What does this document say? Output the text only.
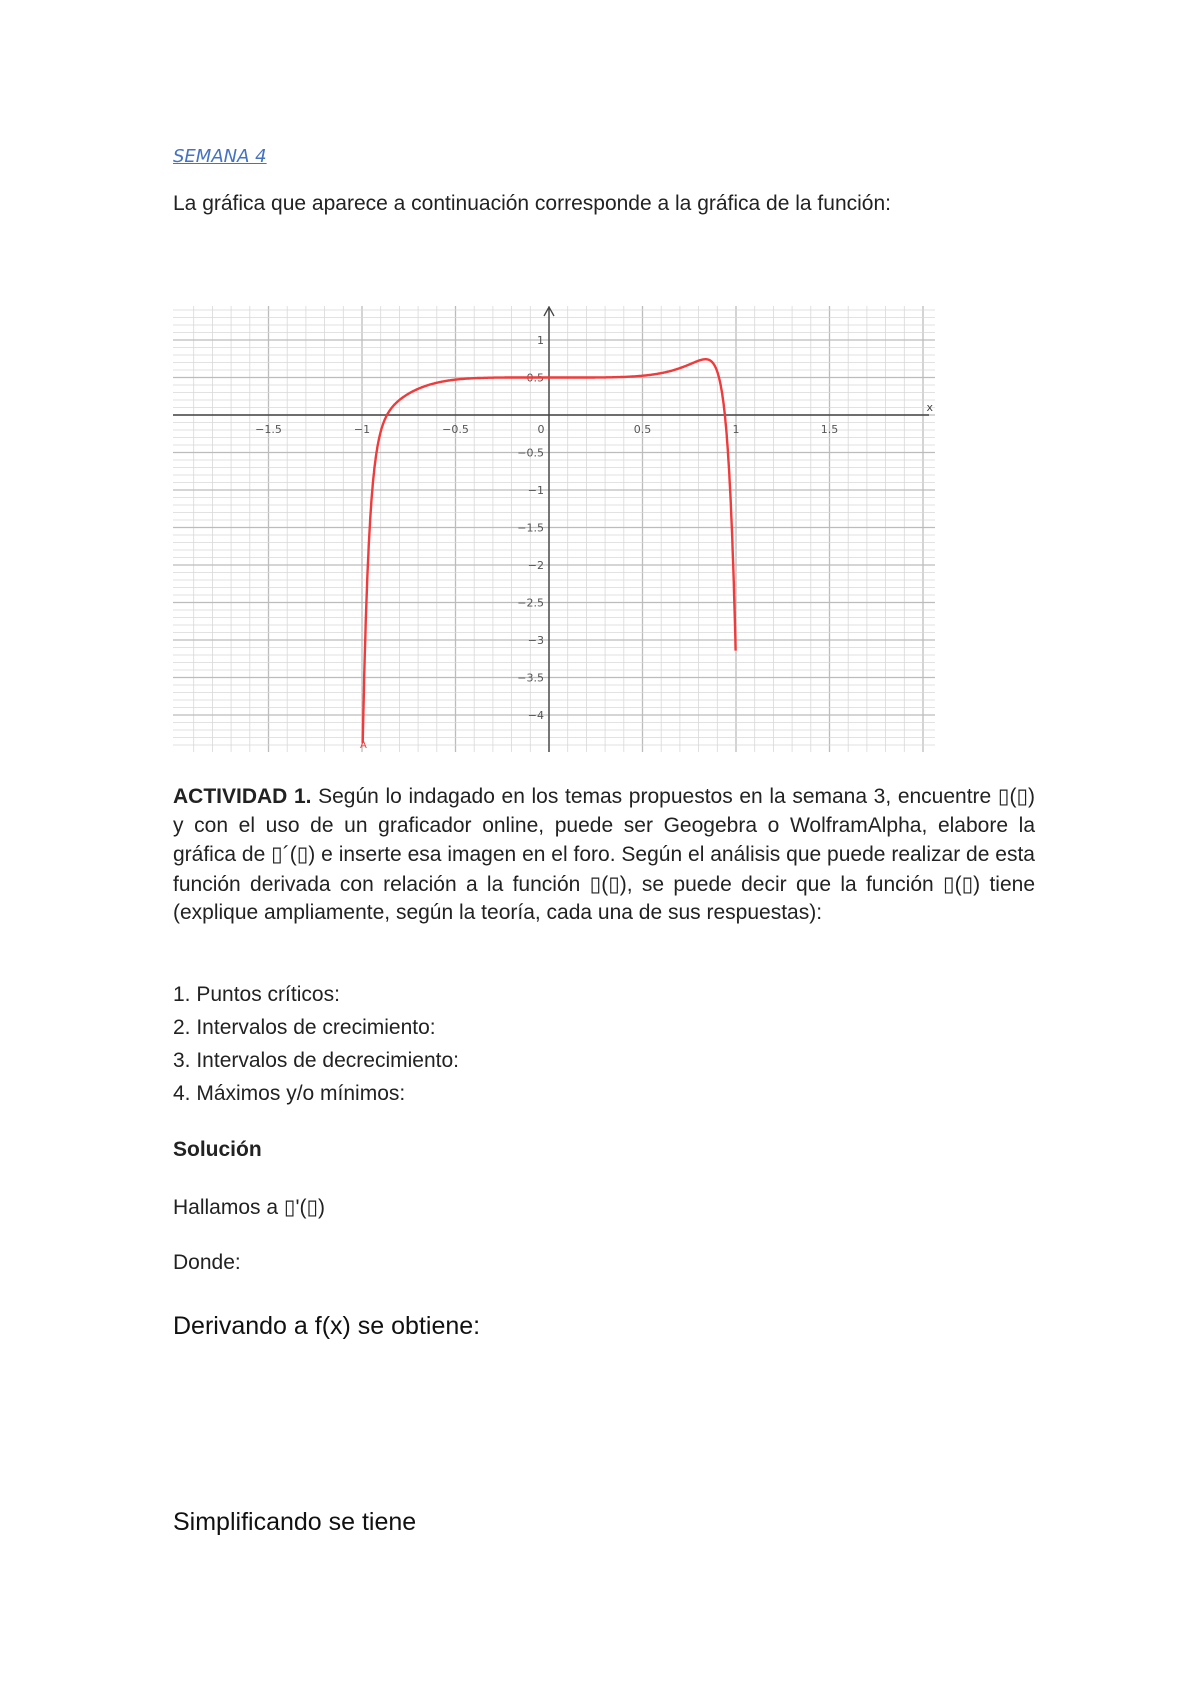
SEMANA 4
La gráfica que aparece a continuación corresponde a la gráfica de la función:
x
−1.5	−1	−0.5	0	0.5	1	1.5
1
0.5
−0.5
−1
−1.5
−2
−2.5
−3
−3.5
−4
A
ACTIVIDAD 1. Según lo indagado en los temas propuestos en la semana 3, encuentre ▯(▯) y con el uso de un graficador online, puede ser Geogebra o WolframAlpha, elabore la gráfica de ▯´(▯) e inserte esa imagen en el foro. Según el análisis que puede realizar de esta función derivada con relación a la función ▯(▯), se puede decir que la función ▯(▯) tiene (explique ampliamente, según la teoría, cada una de sus respuestas):
1. Puntos críticos:
2. Intervalos de crecimiento:
3. Intervalos de decrecimiento:
4. Máximos y/o mínimos:
Solución
Hallamos a ▯'(▯)
Donde:
Derivando a f(x) se obtiene:
Simplificando se tiene
